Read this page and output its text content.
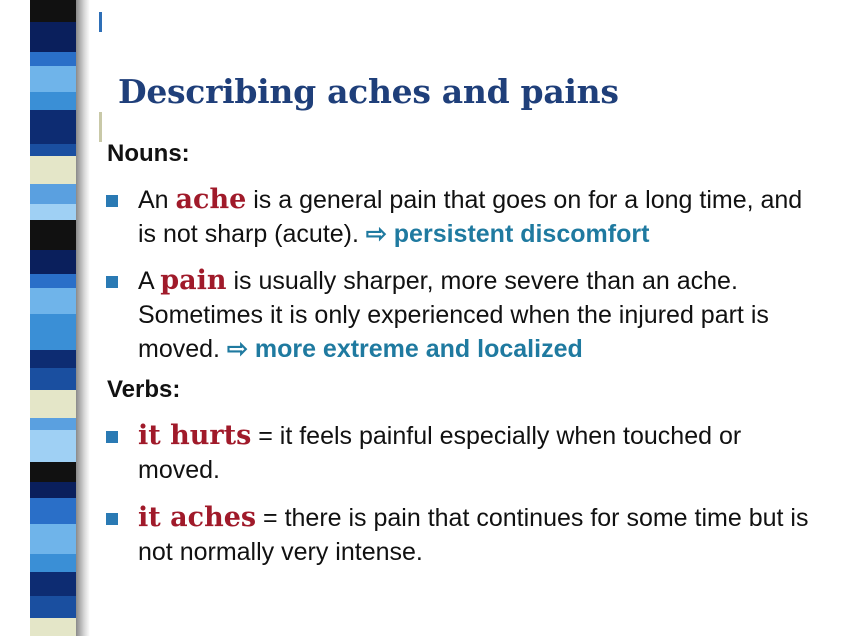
Describing aches and pains

Nouns:

An ache is a general pain that goes on for a long time, and is not sharp (acute). ⇨ persistent discomfort
A pain is usually sharper, more severe than an ache. Sometimes it is only experienced when the injured part is moved. ⇨ more extreme and localized

Verbs:

it hurts = it feels painful especially when touched or moved.
it aches = there is pain that continues for some time but is not normally very intense.
